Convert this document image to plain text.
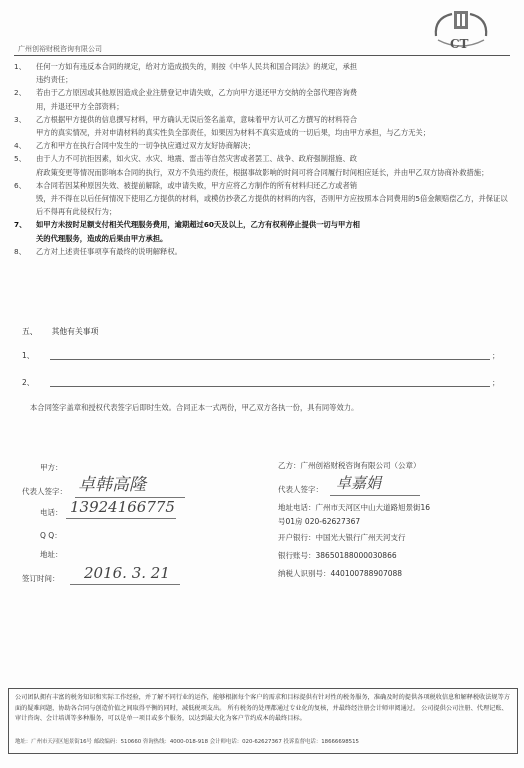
广州创裕财税咨询有限公司	CT
1、	任何一方如有违反本合同的规定，给对方造成损失的，则按《中华人民共和国合同法》的规定，承担
违约责任；
2、	若由于乙方原因或其他原因造成企业注册登记申请失败，乙方向甲方退还甲方交纳的全部代理咨询费
用，并退还甲方全部资料；
3、	乙方根据甲方提供的信息撰写材料，甲方确认无误后签名盖章，意味着甲方认可乙方撰写的材料符合
甲方的真实情况，并对申请材料的真实性负全部责任，如果因为材料不真实造成的一切后果，均由甲方承担，与乙方无关；
4、	乙方和甲方在执行合同中发生的一切争执应通过双方友好协商解决；
5、	由于人力不可抗拒因素，如火灾、水灾、地震、雷击等自然灾害或者罢工、战争、政府强制措施、政
府政策变更等情况而影响本合同的执行，双方不负违约责任，根据事故影响的时间可将合同履行时间相应延长，并由甲乙双方协商补救措施；
6、	本合同若因某种原因失效、被提前解除，或申请失败，甲方应将乙方制作的所有材料归还乙方或者销
毁，并不得在以后任何情况下使用乙方提供的材料，或模仿抄袭乙方提供的材料的内容，否则甲方应按照本合同费用的5倍金额赔偿乙方，并保证以后不得再有此侵权行为；
7、	如甲方未按时足额支付相关代理服务费用，逾期超过60天及以上，乙方有权利停止提供一切与甲方相
关的代理服务，造成的后果由甲方承担。
8、	乙方对上述责任事项享有最终的说明解释权。
五、 其他有关事项
1、	；
2、	；
本合同签字盖章和授权代表签字后即时生效。合同正本一式两份，甲乙双方各执一份，具有同等效力。
甲方：
代表人签字： 卓韩高隆
电话： 13924166775
Q Q：
地址：
签订时间： 2016. 3. 21
乙方：广州创裕财税咨询有限公司（公章）
代表人签字： 卓嘉娟
地址电话：广州市天河区中山大道路旭景街16
号01房 020-62627367
开户银行：中国光大银行广州天河支行
银行账号：38650188000030866
纳税人识别号：440100788907088
公司团队拥有丰富的税务知识和实际工作经验，并了解不同行业的运作，能够根据每个客户的需求和目标提供有针对性的税务服务，准确及时的提供各项税收信息和解释税收法规等方面的疑难问题，协助各合同与创造价值之间取得平衡的同时，减低税项支出。 所有税务的处理都通过专业化的复核，并最终经注册会计师审阅通过。 公司提供公司注册、代理记账、审计咨询、会计培训等多种服务，可以是单一项目或多个服务，以达到最大化为客户节约成本的最终目标。
地址：广州市天河区旭景街16号 邮政编码：510660 咨询热线：4000-018-918 会计师电话：020-62627367 投诉监督电话：18666698515
